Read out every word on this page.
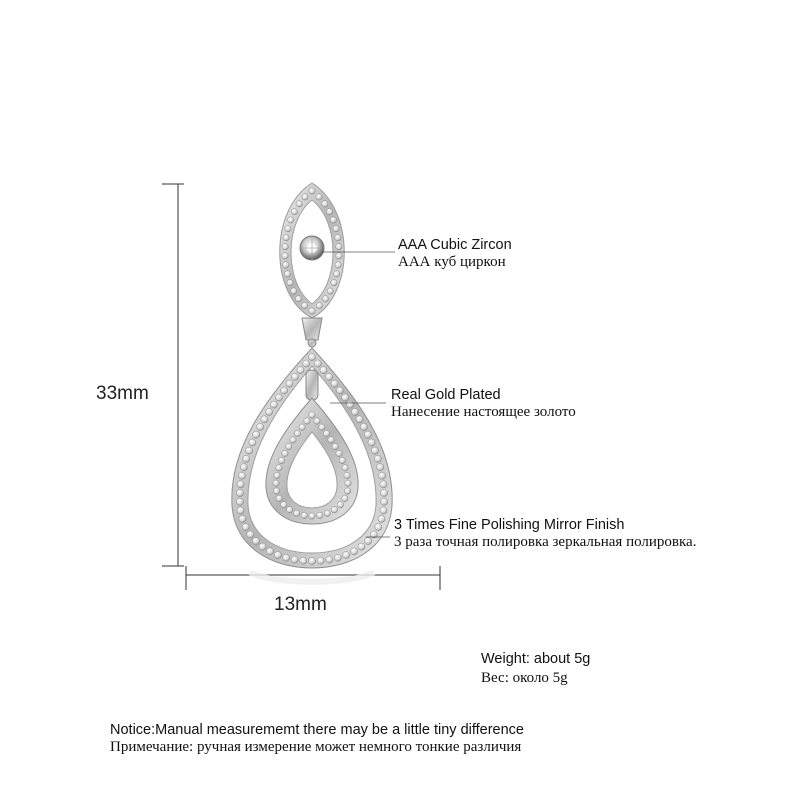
33mm
13mm
AAA Cubic Zircon
ААА куб циркон
Real Gold Plated
Нанесение настоящее золото
3 Times Fine Polishing Mirror Finish
3 раза точная полировка зеркальная полировка.
Weight: about 5g
Вес: около 5g
Notice:Manual measurememt there may be a little tiny difference
Примечание: ручная измерение может немного тонкие различия
